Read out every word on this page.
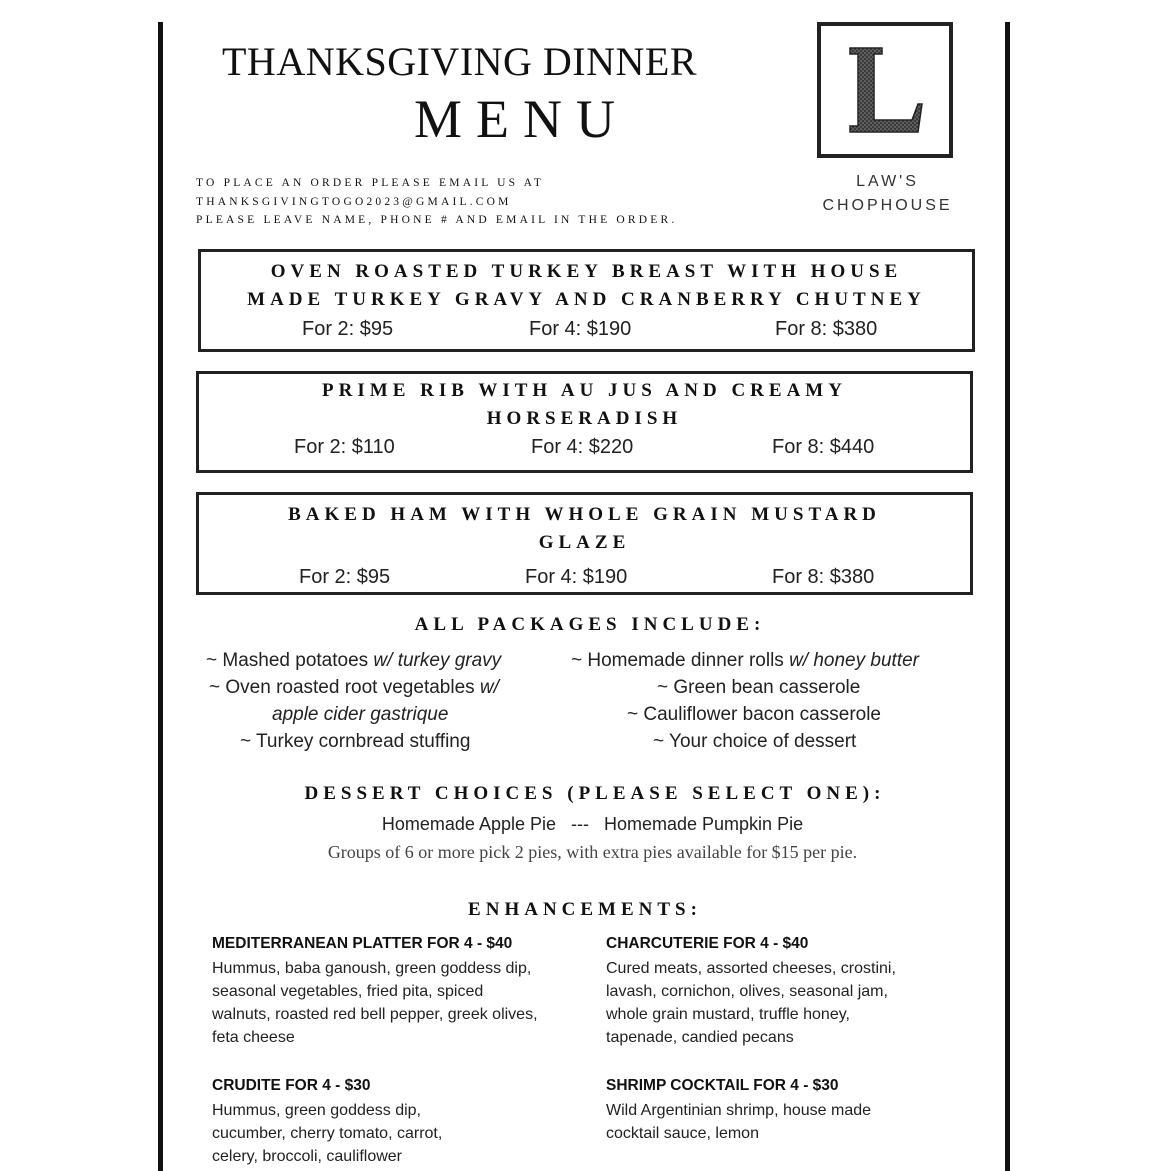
THANKSGIVING DINNER
MENU
TO PLACE AN ORDER PLEASE EMAIL US AT
THANKSGIVINGTOGO2023@GMAIL.COM
PLEASE LEAVE NAME, PHONE # AND EMAIL IN THE ORDER.
LAW'S
CHOPHOUSE
OVEN ROASTED TURKEY BREAST WITH HOUSE
MADE TURKEY GRAVY AND CRANBERRY CHUTNEY
For 2: $95	For 4: $190	For 8: $380
PRIME RIB WITH AU JUS AND CREAMY
HORSERADISH
For 2: $110	For 4: $220	For 8: $440
BAKED HAM WITH WHOLE GRAIN MUSTARD
GLAZE
For 2: $95	For 4: $190	For 8: $380
ALL PACKAGES INCLUDE:
~ Mashed potatoes w/ turkey gravy
~ Oven roasted root vegetables w/
apple cider gastrique
~ Turkey cornbread stuffing
~ Homemade dinner rolls w/ honey butter
~ Green bean casserole
~ Cauliflower bacon casserole
~ Your choice of dessert
DESSERT CHOICES (PLEASE SELECT ONE):
Homemade Apple Pie   ---   Homemade Pumpkin Pie
Groups of 6 or more pick 2 pies, with extra pies available for $15 per pie.
ENHANCEMENTS:
MEDITERRANEAN PLATTER FOR 4 - $40
Hummus, baba ganoush, green goddess dip,
seasonal vegetables, fried pita, spiced
walnuts, roasted red bell pepper, greek olives,
feta cheese
CHARCUTERIE FOR 4 - $40
Cured meats, assorted cheeses, crostini,
lavash, cornichon, olives, seasonal jam,
whole grain mustard, truffle honey,
tapenade, candied pecans
CRUDITE FOR 4 - $30
Hummus, green goddess dip,
cucumber, cherry tomato, carrot,
celery, broccoli, cauliflower
SHRIMP COCKTAIL FOR 4 - $30
Wild Argentinian shrimp, house made
cocktail sauce, lemon
